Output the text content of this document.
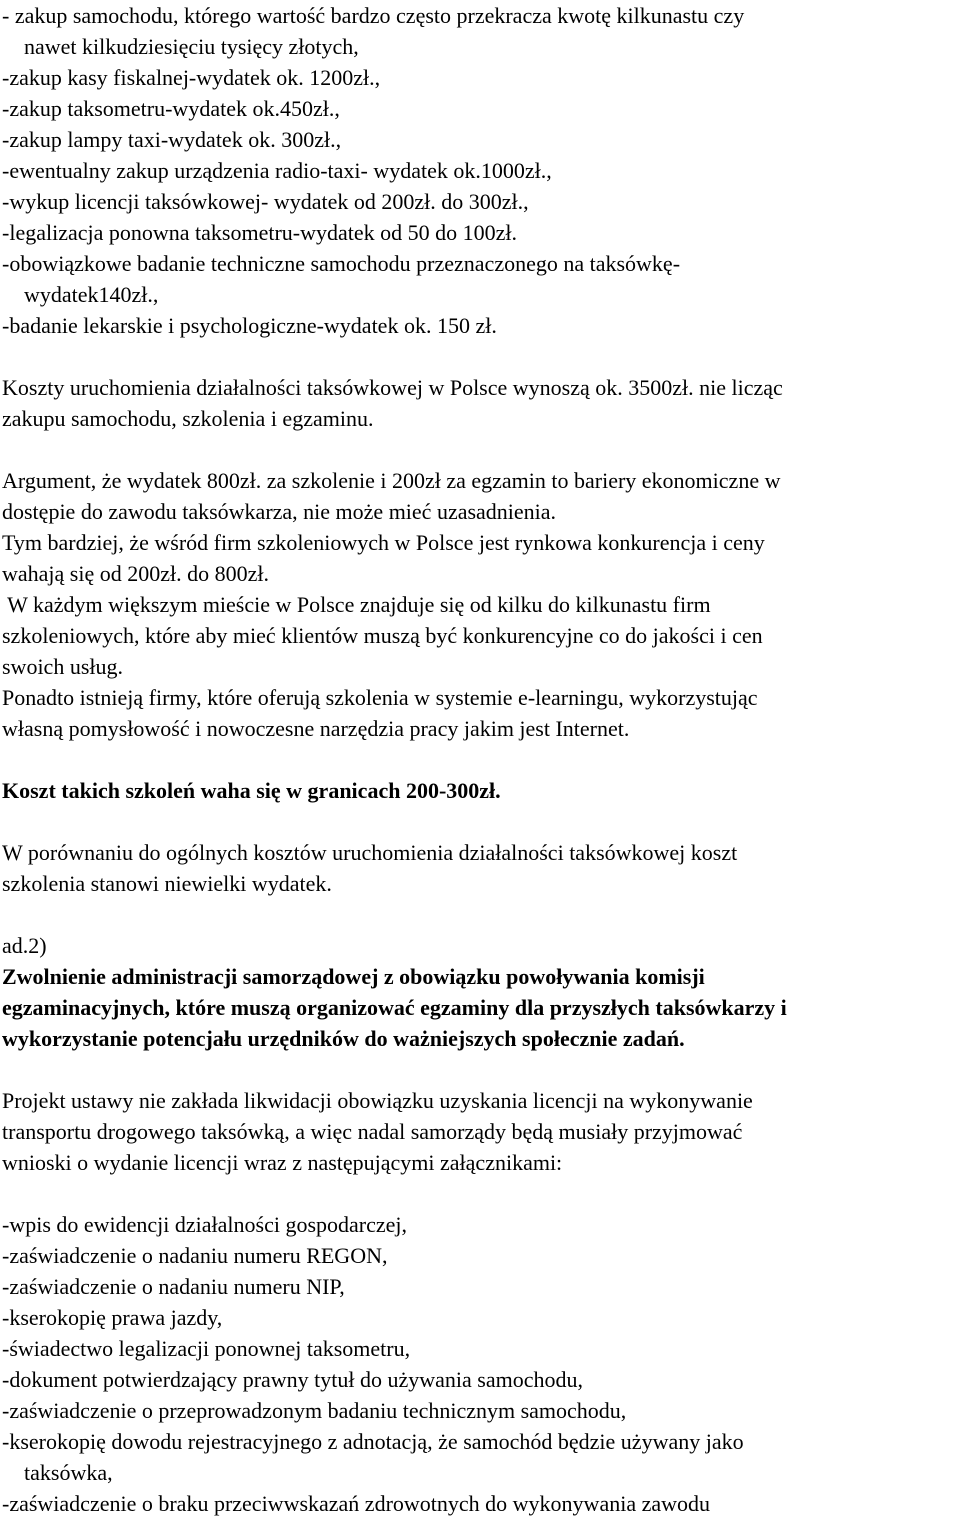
- zakup samochodu, którego wartość bardzo często przekracza kwotę kilkunastu czy
nawet kilkudziesięciu tysięcy złotych,
-zakup kasy fiskalnej-wydatek ok. 1200zł.,
-zakup taksometru-wydatek ok.450zł.,
-zakup lampy taxi-wydatek ok. 300zł.,
-ewentualny zakup urządzenia radio-taxi- wydatek ok.1000zł.,
-wykup licencji taksówkowej- wydatek od 200zł. do 300zł.,
-legalizacja ponowna taksometru-wydatek od 50 do 100zł.
-obowiązkowe badanie techniczne samochodu przeznaczonego na taksówkę-
wydatek140zł.,
-badanie lekarskie i psychologiczne-wydatek ok. 150 zł.
Koszty uruchomienia działalności taksówkowej w Polsce wynoszą ok. 3500zł. nie licząc
zakupu samochodu, szkolenia i egzaminu.
Argument, że wydatek 800zł. za szkolenie i 200zł za egzamin to bariery ekonomiczne w
dostępie do zawodu taksówkarza, nie może mieć uzasadnienia.
Tym bardziej, że wśród firm szkoleniowych w Polsce jest rynkowa konkurencja i ceny
wahają się od 200zł. do 800zł.
W każdym większym mieście w Polsce znajduje się od kilku do kilkunastu firm
szkoleniowych, które aby mieć klientów muszą być konkurencyjne co do jakości i cen
swoich usług.
Ponadto istnieją firmy, które oferują szkolenia w systemie e-learningu, wykorzystując
własną pomysłowość i nowoczesne narzędzia pracy jakim jest Internet.
Koszt takich szkoleń waha się w granicach 200-300zł.
W porównaniu do ogólnych kosztów uruchomienia działalności taksówkowej koszt
szkolenia stanowi niewielki wydatek.
ad.2)
Zwolnienie administracji samorządowej z obowiązku powoływania komisji
egzaminacyjnych, które muszą organizować egzaminy dla przyszłych taksówkarzy i
wykorzystanie potencjału urzędników do ważniejszych społecznie zadań.
Projekt ustawy nie zakłada likwidacji obowiązku uzyskania licencji na wykonywanie
transportu drogowego taksówką, a więc nadal samorządy będą musiały przyjmować
wnioski o wydanie licencji wraz z następującymi załącznikami:
-wpis do ewidencji działalności gospodarczej,
-zaświadczenie o nadaniu numeru REGON,
-zaświadczenie o nadaniu numeru NIP,
-kserokopię prawa jazdy,
-świadectwo legalizacji ponownej taksometru,
-dokument potwierdzający prawny tytuł do używania samochodu,
-zaświadczenie o przeprowadzonym badaniu technicznym samochodu,
-kserokopię dowodu rejestracyjnego z adnotacją, że samochód będzie używany jako
taksówka,
-zaświadczenie o braku przeciwwskazań zdrowotnych do wykonywania zawodu
